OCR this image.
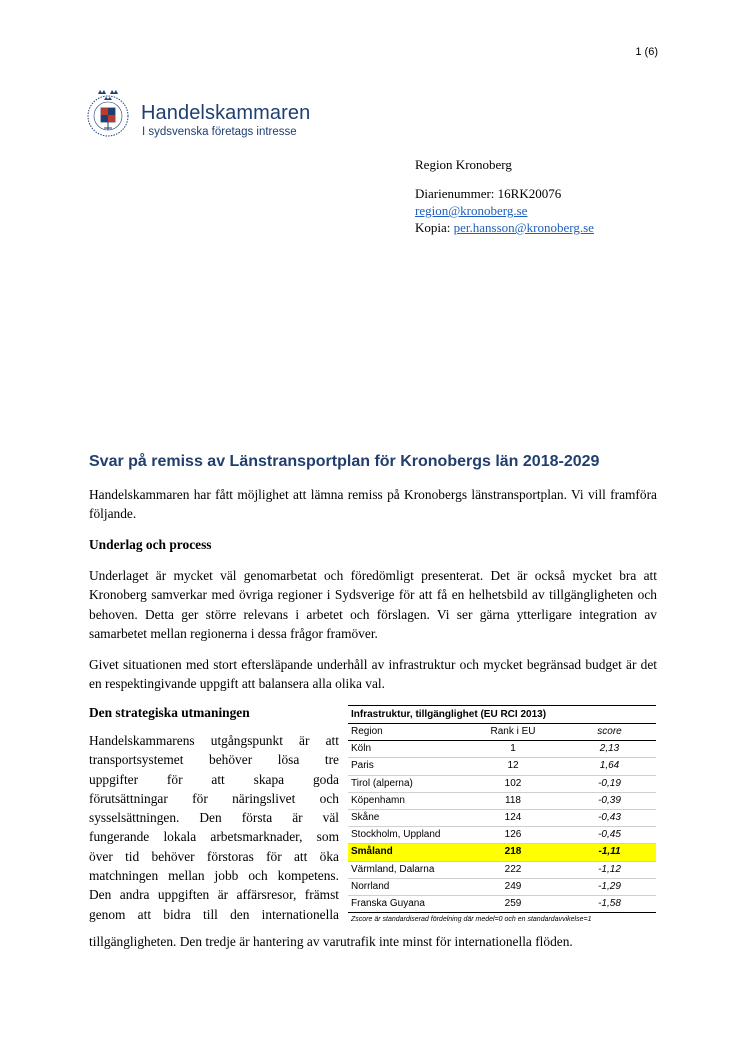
1 (6)
Handelskammaren
I sydsvenska företags intresse
Region Kronoberg
Diarienummer: 16RK20076
region@kronoberg.se
Kopia: per.hansson@kronoberg.se
Svar på remiss av Länstransportplan för Kronobergs län 2018-2029
Handelskammaren har fått möjlighet att lämna remiss på Kronobergs länstransportplan. Vi vill framföra följande.
Underlag och process
Underlaget är mycket väl genomarbetat och föredömligt presenterat. Det är också mycket bra att Kronoberg samverkar med övriga regioner i Sydsverige för att få en helhetsbild av tillgängligheten och behoven. Detta ger större relevans i arbetet och förslagen. Vi ser gärna ytterligare integration av samarbetet mellan regionerna i dessa frågor framöver.
Givet situationen med stort eftersläpande underhåll av infrastruktur och mycket begränsad budget är det en respektingivande uppgift att balansera alla olika val.
Den strategiska utmaningen
Handelskammarens utgångspunkt är att
transportsystemet behöver lösa tre
uppgifter för att skapa goda
förutsättningar för näringslivet och
sysselsättningen. Den första är väl
fungerande lokala arbetsmarknader, som
över tid behöver förstoras för att öka
matchningen mellan jobb och kompetens.
Den andra uppgiften är affärsresor, främst
genom att bidra till den internationella
tillgängligheten. Den tredje är hantering av varutrafik inte minst för internationella flöden.
Infrastruktur, tillgänglighet (EU RCI 2013)
Region	Rank i EU	score
Köln	1	2,13
Paris	12	1,64
Tirol (alperna)	102	-0,19
Köpenhamn	118	-0,39
Skåne	124	-0,43
Stockholm, Uppland	126	-0,45
Småland	218	-1,11
Värmland, Dalarna	222	-1,12
Norrland	249	-1,29
Franska Guyana	259	-1,58
Zscore är standardiserad fördelning där medel=0 och en standardavvikelse=1
